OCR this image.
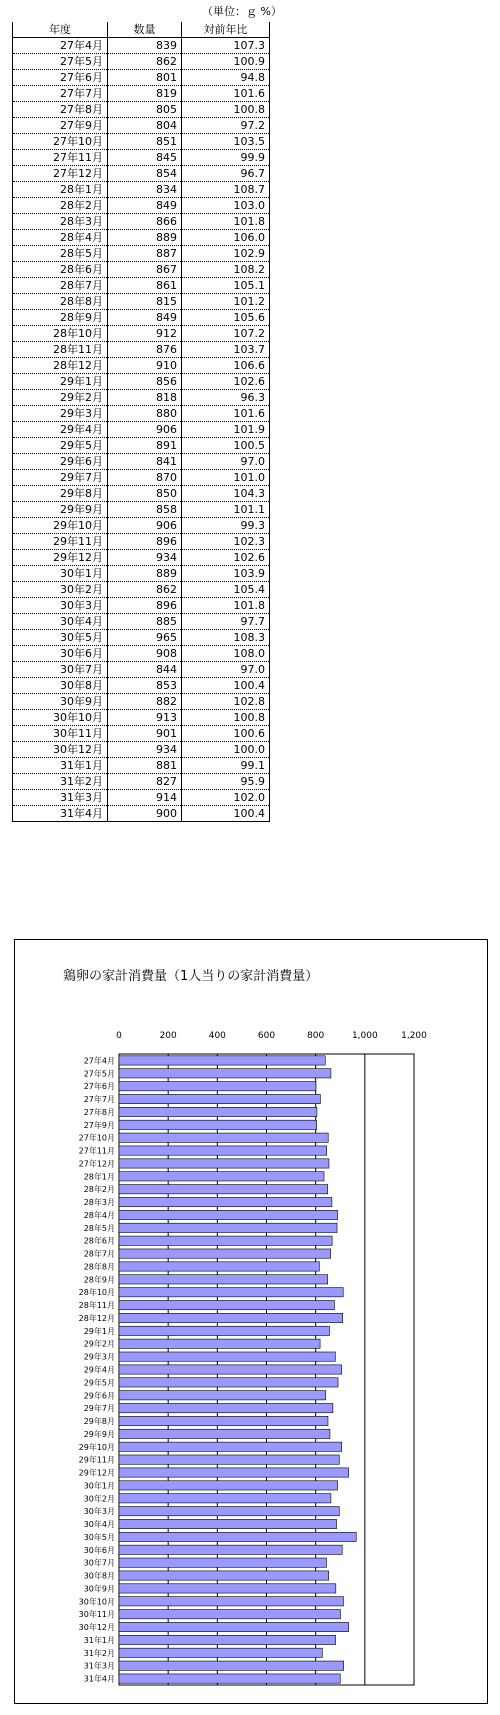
（単位：ｇ %）
年度	数量	対前年比
27年4月	839	107.3
27年5月	862	100.9
27年6月	801	94.8
27年7月	819	101.6
27年8月	805	100.8
27年9月	804	97.2
27年10月	851	103.5
27年11月	845	99.9
27年12月	854	96.7
28年1月	834	108.7
28年2月	849	103.0
28年3月	866	101.8
28年4月	889	106.0
28年5月	887	102.9
28年6月	867	108.2
28年7月	861	105.1
28年8月	815	101.2
28年9月	849	105.6
28年10月	912	107.2
28年11月	876	103.7
28年12月	910	106.6
29年1月	856	102.6
29年2月	818	96.3
29年3月	880	101.6
29年4月	906	101.9
29年5月	891	100.5
29年6月	841	97.0
29年7月	870	101.0
29年8月	850	104.3
29年9月	858	101.1
29年10月	906	99.3
29年11月	896	102.3
29年12月	934	102.6
30年1月	889	103.9
30年2月	862	105.4
30年3月	896	101.8
30年4月	885	97.7
30年5月	965	108.3
30年6月	908	108.0
30年7月	844	97.0
30年8月	853	100.4
30年9月	882	102.8
30年10月	913	100.8
30年11月	901	100.6
30年12月	934	100.0
31年1月	881	99.1
31年2月	827	95.9
31年3月	914	102.0
31年4月	900	100.4
鶏卵の家計消費量（1人当りの家計消費量）
0	200	400	600	800	1,000	1,200
27年4月
27年5月
27年6月
27年7月
27年8月
27年9月
27年10月
27年11月
27年12月
28年1月
28年2月
28年3月
28年4月
28年5月
28年6月
28年7月
28年8月
28年9月
28年10月
28年11月
28年12月
29年1月
29年2月
29年3月
29年4月
29年5月
29年6月
29年7月
29年8月
29年9月
29年10月
29年11月
29年12月
30年1月
30年2月
30年3月
30年4月
30年5月
30年6月
30年7月
30年8月
30年9月
30年10月
30年11月
30年12月
31年1月
31年2月
31年3月
31年4月
